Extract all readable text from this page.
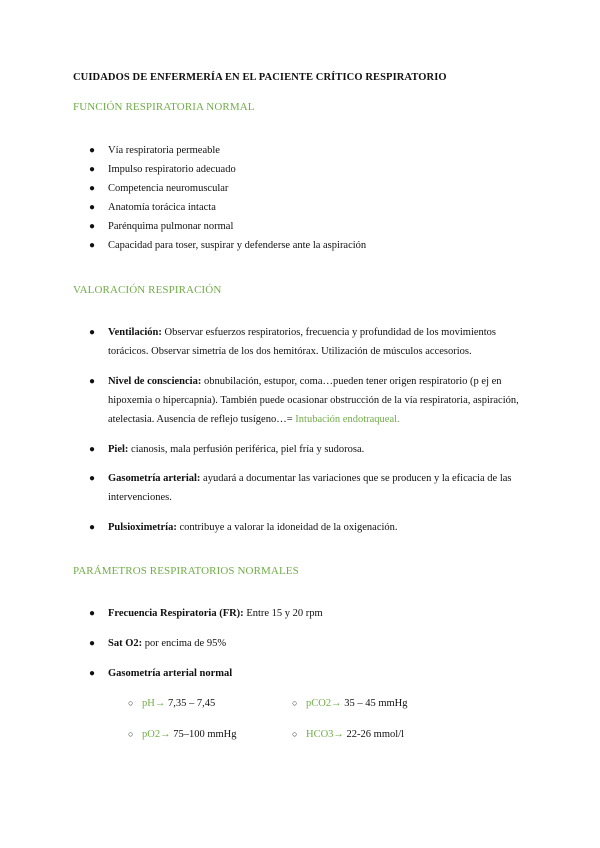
CUIDADOS DE ENFERMERÍA EN EL PACIENTE CRÍTICO RESPIRATORIO
FUNCIÓN RESPIRATORIA NORMAL
● Vía respiratoria permeable
● Impulso respiratorio adecuado
● Competencia neuromuscular
● Anatomía torácica intacta
● Parénquima pulmonar normal
● Capacidad para toser, suspirar y defenderse ante la aspiración
VALORACIÓN RESPIRACIÓN
● Ventilación: Observar esfuerzos respiratorios, frecuencia y profundidad de los movimientos torácicos. Observar simetría de los dos hemitórax. Utilización de músculos accesorios.
● Nivel de consciencia: obnubilación, estupor, coma…pueden tener origen respiratorio (p ej en hipoxemia o hipercapnia). También puede ocasionar obstrucción de la vía respiratoria, aspiración, atelectasia. Ausencia de reflejo tusígeno…= Intubación endotraqueal.
● Piel: cianosis, mala perfusión periférica, piel fría y sudorosa.
● Gasometría arterial: ayudará a documentar las variaciones que se producen y la eficacia de las intervenciones.
● Pulsioximetría: contribuye a valorar la idoneidad de la oxigenación.
PARÁMETROS RESPIRATORIOS NORMALES
● Frecuencia Respiratoria (FR): Entre 15 y 20 rpm
● Sat O2: por encima de 95%
● Gasometría arterial normal
○ pH→ 7,35 – 7,45	○ pCO2→ 35 – 45 mmHg
○ pO2→ 75–100 mmHg	○ HCO3→ 22-26 mmol/l
